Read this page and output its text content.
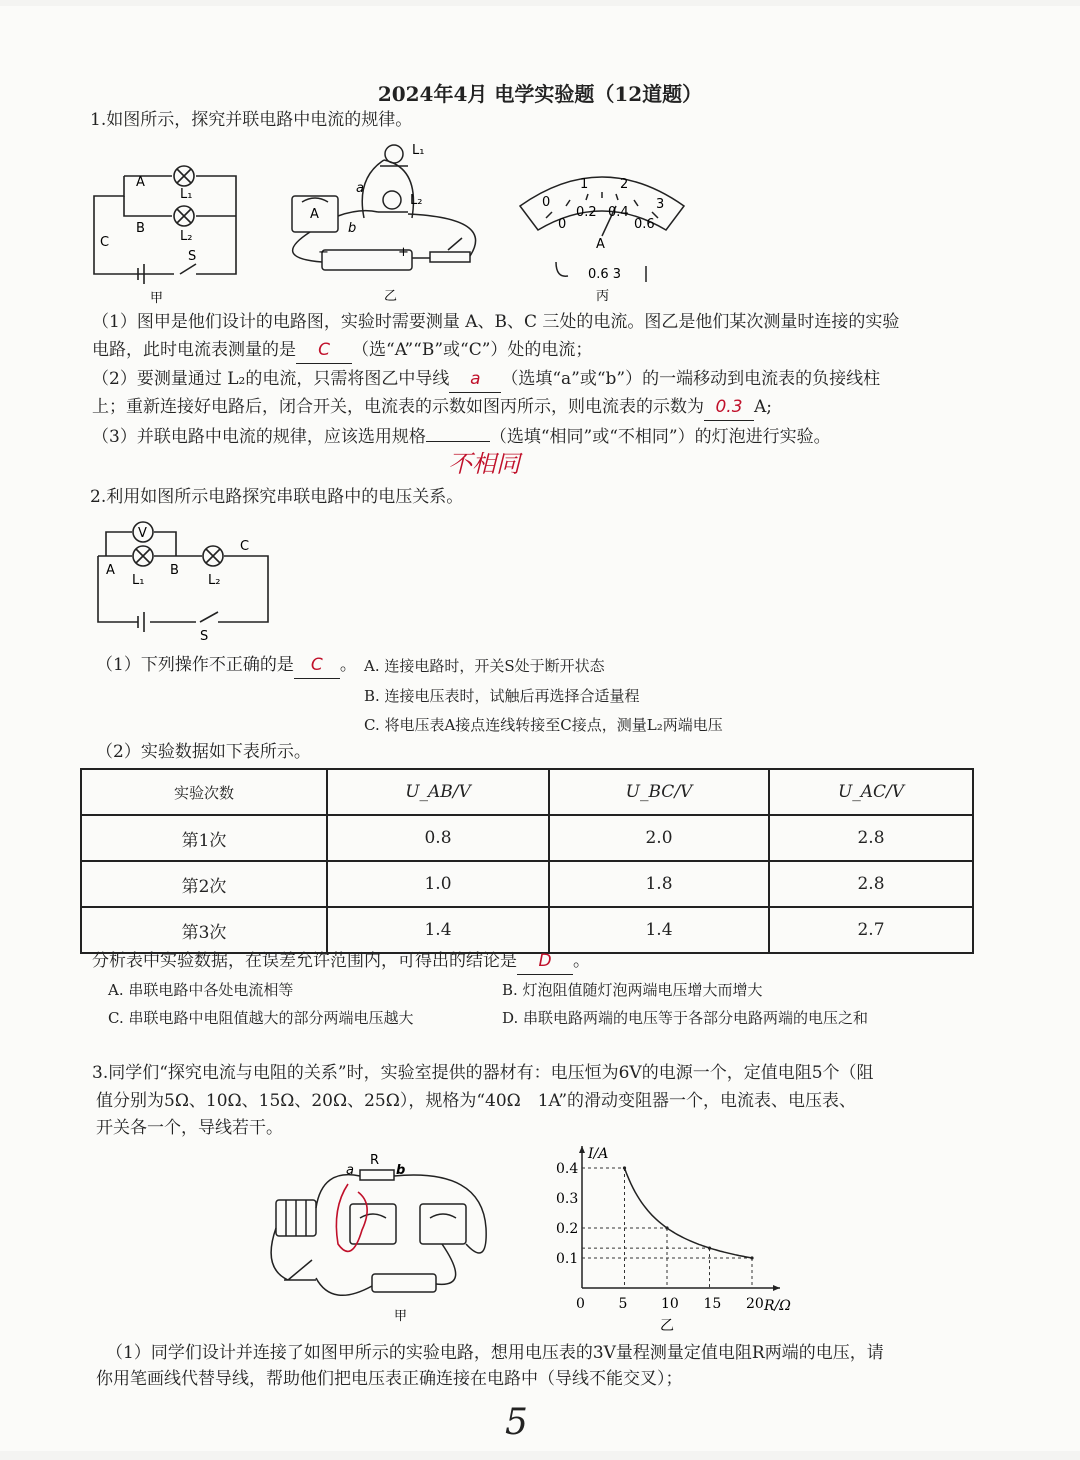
2024年4月 电学实验题（12道题）
1.如图所示，探究并联电路中电流的规律。
A
B
C
L₁
L₂
S
甲
L₁
L₂
a
b
A
−	+
乙
0
1 2
3
0
0.2 0.4
0.6
A
0.6 3
丙
（1）图甲是他们设计的电路图，实验时需要测量 A、B、C 三处的电流。图乙是他们某次测量时连接的实验
电路，此时电流表测量的是 C （选“A”“B”或“C”）处的电流；
（2）要测量通过 L₂的电流，只需将图乙中导线 a （选填“a”或“b”）的一端移动到电流表的负接线柱
上；重新连接好电路后，闭合开关，电流表的示数如图丙所示，则电流表的示数为 0.3 A;
（3）并联电路中电流的规律，应该选用规格	（选填“相同”或“不相同”）的灯泡进行实验。
不相同
2.利用如图所示电路探究串联电路中的电压关系。
V
A	B
C
L₁	L₂
S
（1）下列操作不正确的是 C 。 A. 连接电路时，开关S处于断开状态
B. 连接电压表时，试触后再选择合适量程
C. 将电压表A接点连线转接至C接点，测量L₂两端电压
（2）实验数据如下表所示。
实验次数	U_AB/V	U_BC/V	U_AC/V
第1次	0.8	2.0	2.8
第2次	1.0	1.8	2.8
第3次	1.4	1.4	2.7
分析表中实验数据，在误差允许范围内，可得出的结论是 D 。
A. 串联电路中各处电流相等	B. 灯泡阻值随灯泡两端电压增大而增大
C. 串联电路中电阻值越大的部分两端电压越大	D. 串联电路两端的电压等于各部分电路两端的电压之和
3.同学们“探究电流与电阻的关系”时，实验室提供的器材有：电压恒为6V的电源一个，定值电阻5个（阻
值分别为5Ω、10Ω、15Ω、20Ω、25Ω），规格为“40Ω　1A”的滑动变阻器一个，电流表、电压表、
开关各一个，导线若干。
R
a	b
甲
0 5 10 15 20
0.1
0.2
0.3
0.4
R/Ω
I/A
乙
（1）同学们设计并连接了如图甲所示的实验电路，想用电压表的3V量程测量定值电阻R两端的电压，请
你用笔画线代替导线，帮助他们把电压表正确连接在电路中（导线不能交叉）；
5
